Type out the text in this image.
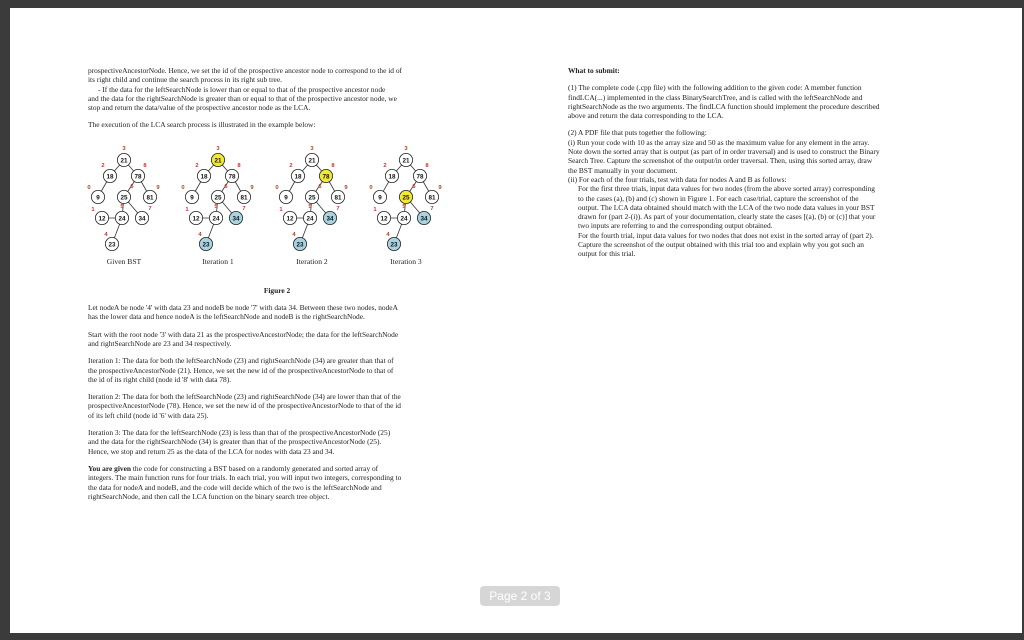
prospectiveAncestorNode. Hence, we set the id of the prospective ancestor node to correspond to the id of
its right child and continue the search process in its right sub tree.

- If the data for the leftSearchNode is lower than or equal to that of the prospective ancestor node

and the data for the rightSearchNode is greater than or equal to that of the prospective ancestor node, we
stop and return the data/value of the prospective ancestor node as the LCA.

The execution of the LCA search process is illustrated in the example below:

21
3
18
2
78
8
9
0
25
6
81
9
12
1
24
5
34
7
23
4
Given BST
21
3
18
2
78
8
9
0
25
6
81
9
12
1
24
5
34
7
23
4
Iteration 1
21
3
18
2
78
8
9
0
25
6
81
9
12
1
24
5
34
7
23
4
Iteration 2
21
3
18
2
78
8
9
0
25
6
81
9
12
1
24
5
34
7
23
4
Iteration 3

Figure 2

Let nodeA be node '4' with data 23 and nodeB be node '7' with data 34. Between these two nodes, nodeA
has the lower data and hence nodeA is the leftSearchNode and nodeB is the rightSearchNode.

Start with the root node '3' with data 21 as the prospectiveAncestorNode; the data for the leftSearchNode
and rightSearchNode are 23 and 34 respectively.

Iteration 1: The data for both the leftSearchNode (23) and rightSearchNode (34) are greater than that of
the prospectiveAncestorNode (21). Hence, we set the new id of the prospectiveAncestorNode to that of
the id of its right child (node id '8' with data 78).

Iteration 2: The data for both the leftSearchNode (23) and rightSearchNode (34) are lower than that of the
prospectiveAncestorNode (78). Hence, we set the new id of the prospectiveAncestorNode to that of the id
of its left child (node id '6' with data 25).

Iteration 3: The data for the leftSearchNode (23) is less than that of the prospectiveAncestorNode (25)
and the data for the rightSearchNode (34) is greater than that of the prospectiveAncestorNode (25).
Hence, we stop and return 25 as the data of the LCA for nodes with data 23 and 34.

You are given the code for constructing a BST based on a randomly generated and sorted array of
integers. The main function runs for four trials. In each trial, you will input two integers, corresponding to
the data for nodeA and nodeB, and the code will decide which of the two is the leftSearchNode and
rightSearchNode, and then call the LCA function on the binary search tree object.

What to submit:

(1) The complete code (.cpp file) with the following addition to the given code: A member function
findLCA(...) implemented in the class BinarySearchTree, and is called with the leftSearchNode and
rightSearchNode as the two arguments. The findLCA function should implement the procedure described
above and return the data corresponding to the LCA.

(2) A PDF file that puts together the following:
(i) Run your code with 10 as the array size and 50 as the maximum value for any element in the array.
Note down the sorted array that is output (as part of in order traversal) and is used to construct the Binary
Search Tree. Capture the screenshot of the output/in order traversal. Then, using this sorted array, draw
the BST manually in your document.
(ii) For each of the four trials, test with data for nodes A and B as follows:

For the first three trials, input data values for two nodes (from the above sorted array) corresponding
to the cases (a), (b) and (c) shown in Figure 1. For each case/trial, capture the screenshot of the
output. The LCA data obtained should match with the LCA of the two node data values in your BST
drawn for (part 2-(i)). As part of your documentation, clearly state the cases [(a), (b) or (c)] that your
two inputs are referring to and the corresponding output obtained.
For the fourth trial, input data values for two nodes that does not exist in the sorted array of (part 2).
Capture the screenshot of the output obtained with this trial too and explain why you got such an
output for this trial.

Page 2 of 3
